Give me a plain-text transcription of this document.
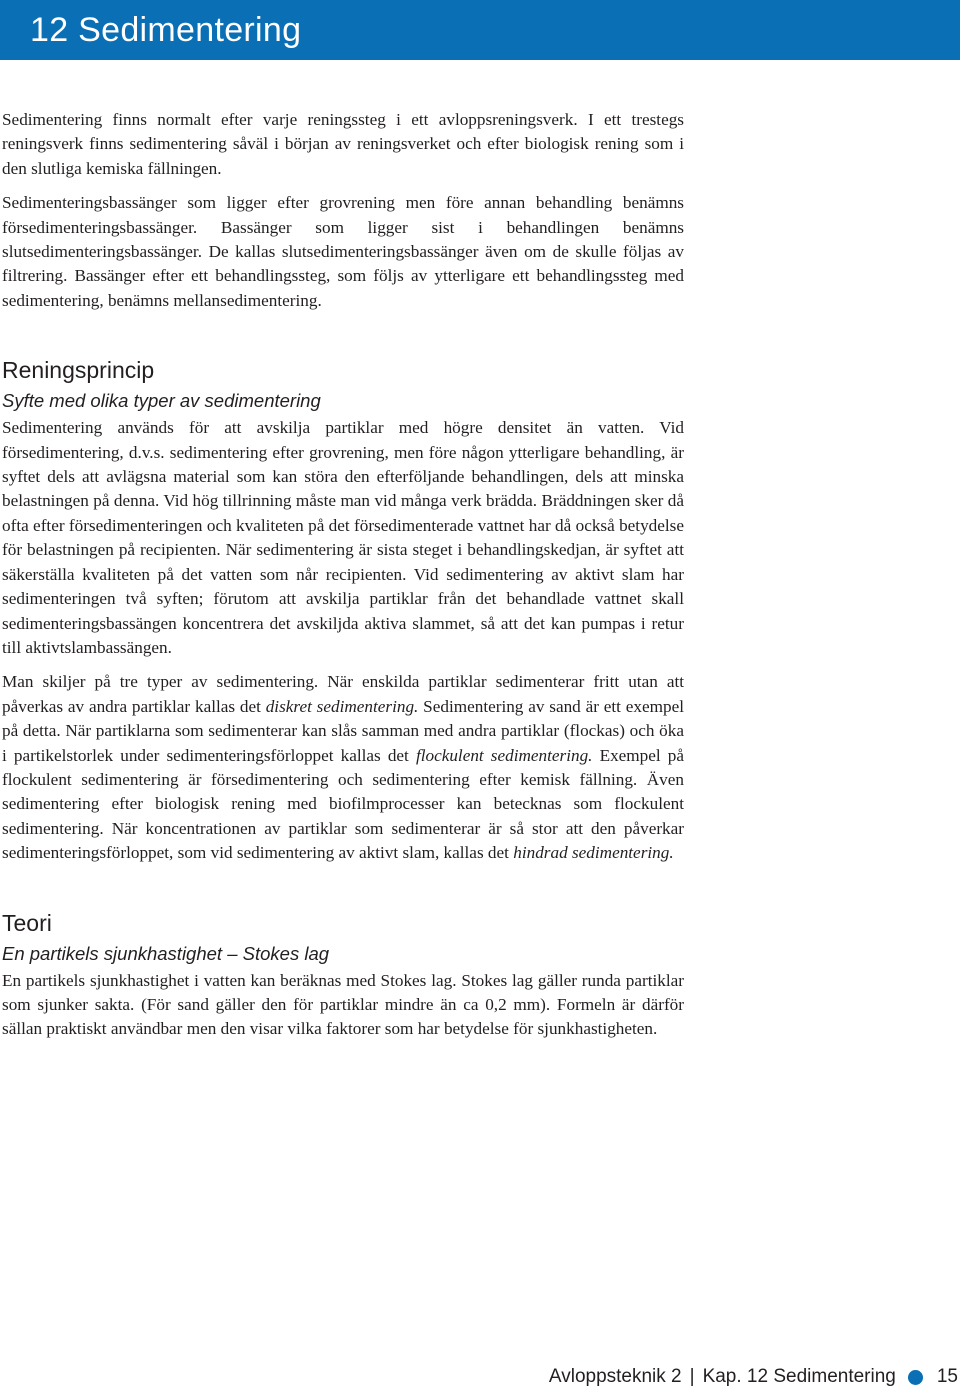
12 Sedimentering

Sedimentering finns normalt efter varje reningssteg i ett avloppsreningsverk. I ett trestegs reningsverk finns sedimentering såväl i början av reningsverket och efter biologisk rening som i den slutliga kemiska fällningen.

Sedimenteringsbassänger som ligger efter grovrening men före annan behandling benämns försedimenteringsbassänger. Bassänger som ligger sist i behandlingen benämns slutsedimenteringsbassänger. De kallas slutsedimenteringsbassänger även om de skulle följas av filtrering. Bassänger efter ett behandlingssteg, som följs av ytterligare ett behandlingssteg med sedimentering, benämns mellansedimentering.

Reningsprincip
Syfte med olika typer av sedimentering

Sedimentering används för att avskilja partiklar med högre densitet än vatten. Vid försedimentering, d.v.s. sedimentering efter grovrening, men före någon ytterligare behandling, är syftet dels att avlägsna material som kan störa den efterföljande behandlingen, dels att minska belastningen på denna. Vid hög tillrinning måste man vid många verk brädda. Bräddningen sker då ofta efter försedimenteringen och kvaliteten på det försedimenterade vattnet har då också betydelse för belastningen på recipienten. När sedimentering är sista steget i behandlingskedjan, är syftet att säkerställa kvaliteten på det vatten som når recipienten. Vid sedimentering av aktivt slam har sedimenteringen två syften; förutom att avskilja partiklar från det behandlade vattnet skall sedimenteringsbassängen koncentrera det avskiljda aktiva slammet, så att det kan pumpas i retur till aktivtslambassängen.

Man skiljer på tre typer av sedimentering. När enskilda partiklar sedimenterar fritt utan att påverkas av andra partiklar kallas det diskret sedimentering. Sedimentering av sand är ett exempel på detta. När partiklarna som sedimenterar kan slås samman med andra partiklar (flockas) och öka i partikelstorlek under sedimenteringsförloppet kallas det flockulent sedimentering. Exempel på flockulent sedimentering är försedimentering och sedimentering efter kemisk fällning. Även sedimentering efter biologisk rening med biofilmprocesser kan betecknas som flockulent sedimentering. När koncentrationen av partiklar som sedimenterar är så stor att den påverkar sedimenteringsförloppet, som vid sedimentering av aktivt slam, kallas det hindrad sedimentering.

Teori
En partikels sjunkhastighet – Stokes lag

En partikels sjunkhastighet i vatten kan beräknas med Stokes lag. Stokes lag gäller runda partiklar som sjunker sakta. (För sand gäller den för partiklar mindre än ca 0,2 mm). Formeln är därför sällan praktiskt användbar men den visar vilka faktorer som har betydelse för sjunkhastigheten.

Avloppsteknik 2 | Kap. 12 Sedimentering 15
